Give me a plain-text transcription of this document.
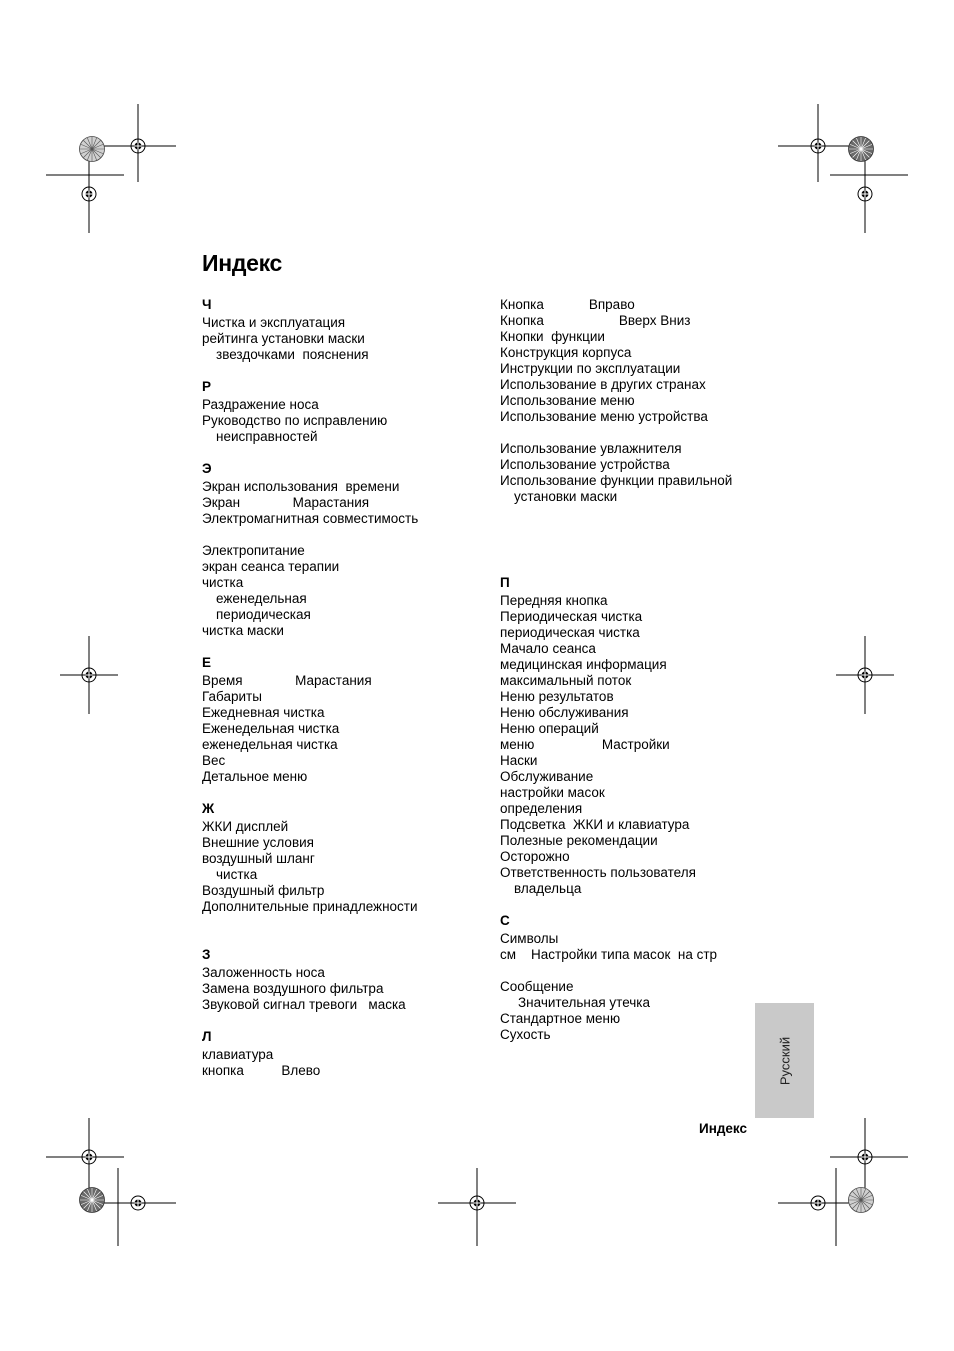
Индекс
Ч
Чистка и эксплуатация
рейтинга установки маски
звездочками  пояснения
Р
Раздражение носа
Руководство по исправлению
неисправностей
Э
Экран использования  времени
Экран              Марастания
Электромагнитная совместимость
Электропитание
экран сеанса терапии
чистка
еженедельная
периодическая
чистка маски
Е
Время              Марастания
Габариты
Ежедневная чистка
Еженедельная чистка
еженедельная чистка
Вес
Детальное меню
Ж
ЖКИ дисплей
Внешние условия
воздушный шланг
чистка
Воздушный фильтр
Дополнительные принадлежности
З
Заложенность носа
Замена воздушного фильтра
Звуковой сигнал тревоги   маска
Л
клавиатура
кнопка          Влево
Кнопка            Вправо
Кнопка                    Вверх Вниз
Кнопки  функции
Конструкция корпуса
Инструкции по эксплуатации
Использование в других странах
Использование меню
Использование меню устройства
Использование увлажнителя
Использование устройства
Использование функции правильной
установки маски
П
Передняя кнопка
Периодическая чистка
периодическая чистка
Мачало сеанса
медицинская информация
максимальный поток
Неню результатов
Неню обслуживания
Неню операций
меню                  Мастройки
Наски
Обслуживание
настройки масок
определения
Подсветка  ЖКИ и клавиатура
Полезные рекомендации
Осторожно
Ответственность пользователя
владельца
С
Символы
см    Настройки типа масок  на стр
Сообщение
Значительная утечка
Стандартное меню
Сухость
Русский
Индекс
